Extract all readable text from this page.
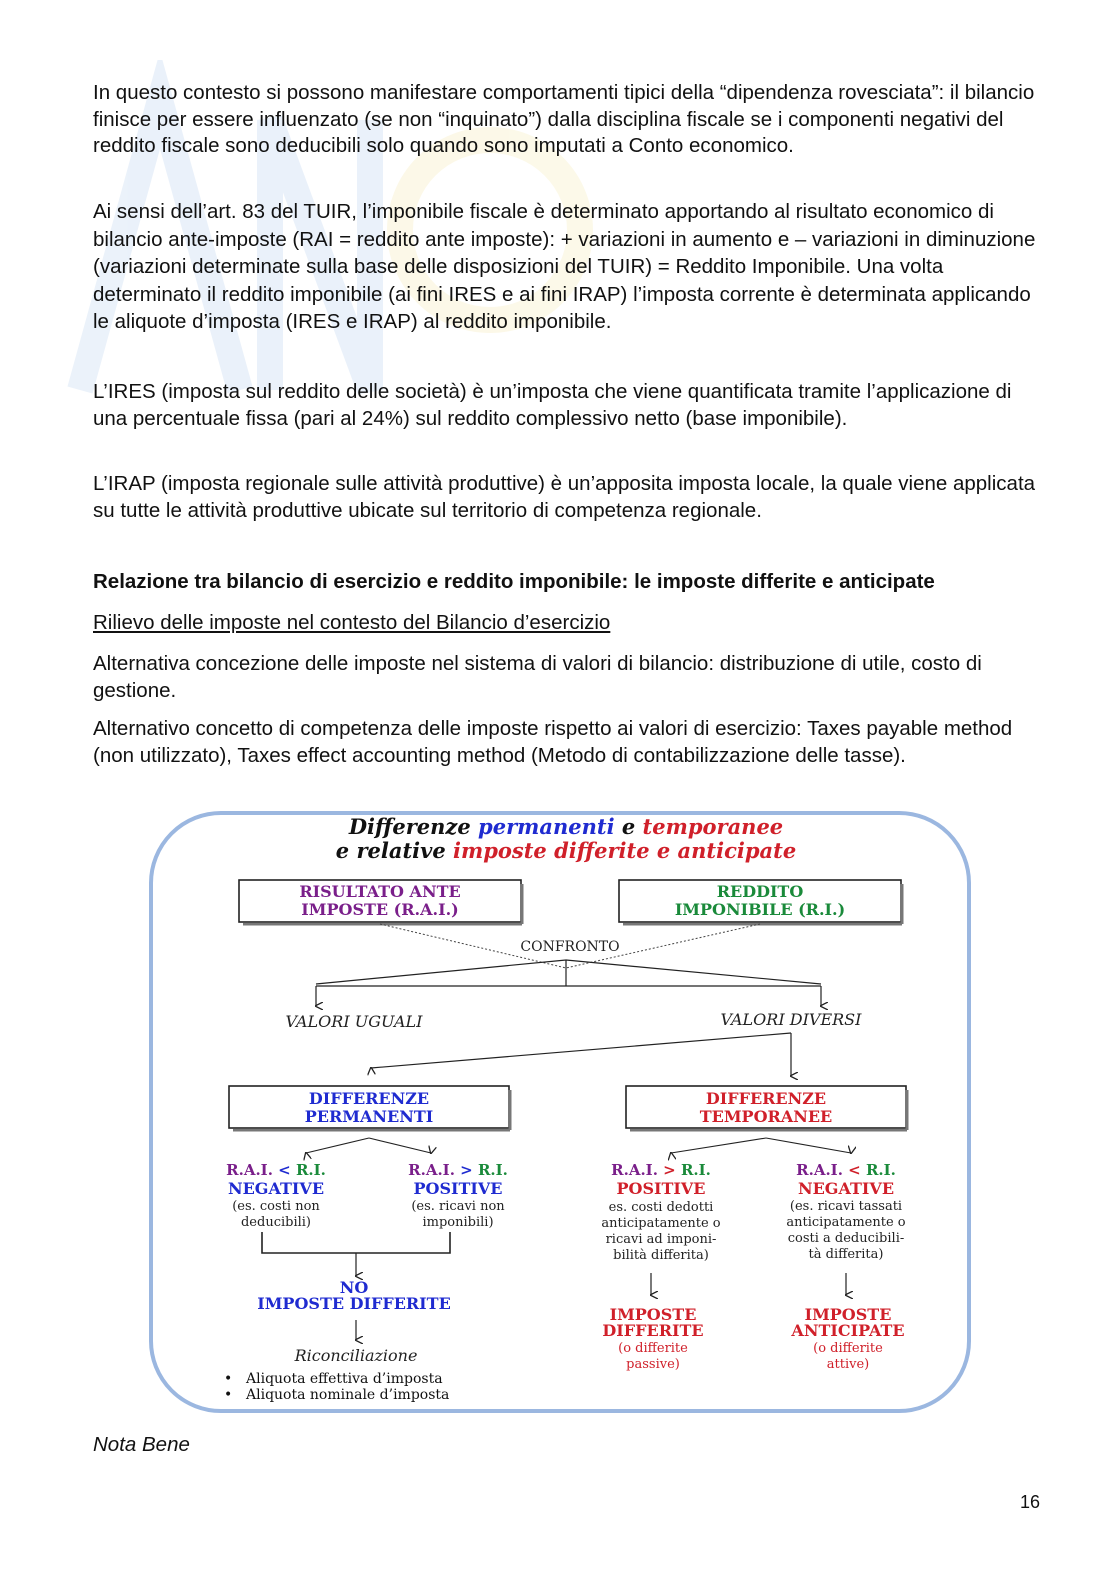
In questo contesto si possono manifestare comportamenti tipici della “dipendenza rovesciata”: il bilancio finisce per essere influenzato (se non “inquinato”) dalla disciplina fiscale se i componenti negativi del reddito fiscale sono deducibili solo quando sono imputati a Conto economico.

Ai sensi dell’art. 83 del TUIR, l’imponibile fiscale è determinato apportando al risultato economico di bilancio ante-imposte (RAI = reddito ante imposte): + variazioni in aumento e – variazioni in diminuzione (variazioni determinate sulla base delle disposizioni del TUIR) = Reddito Imponibile. Una volta determinato il reddito imponibile (ai fini IRES e ai fini IRAP) l’imposta corrente è determinata applicando le aliquote d’imposta (IRES e IRAP) al reddito imponibile.

L’IRES (imposta sul reddito delle società) è un’imposta che viene quantificata tramite l’applicazione di una percentuale fissa (pari al 24%) sul reddito complessivo netto (base imponibile).

L’IRAP (imposta regionale sulle attività produttive) è un’apposita imposta locale, la quale viene applicata su tutte le attività produttive ubicate sul territorio di competenza regionale.

Relazione tra bilancio di esercizio e reddito imponibile: le imposte differite e anticipate

Rilievo delle imposte nel contesto del Bilancio d’esercizio

Alternativa concezione delle imposte nel sistema di valori di bilancio: distribuzione di utile, costo di gestione.

Alternativo concetto di competenza delle imposte rispetto ai valori di esercizio: Taxes payable method (non utilizzato), Taxes effect accounting method (Metodo di contabilizzazione delle tasse).

Differenze permanenti e temporanee
e relative imposte differite e anticipate
RISULTATO ANTE
IMPOSTE (R.A.I.)
REDDITO
IMPONIBILE (R.I.)
CONFRONTO
VALORI UGUALI	VALORI DIVERSI
DIFFERENZE
PERMANENTI
DIFFERENZE
TEMPORANEE
R.A.I. < R.I.
NEGATIVE
(es. costi non
deducibili)
R.A.I. > R.I.
POSITIVE
(es. ricavi non
imponibili)
R.A.I. > R.I.
POSITIVE
es. costi dedotti
anticipatamente o
ricavi ad imponi-
bilità differita)
R.A.I. < R.I.
NEGATIVE
(es. ricavi tassati
anticipatamente o
costi a deducibili-
tà differita)
NO
IMPOSTE DIFFERITE
Riconciliazione
• Aliquota effettiva d’imposta
• Aliquota nominale d’imposta
IMPOSTE
DIFFERITE
(o differite
passive)
IMPOSTE
ANTICIPATE
(o differite
attive)

Nota Bene

16
